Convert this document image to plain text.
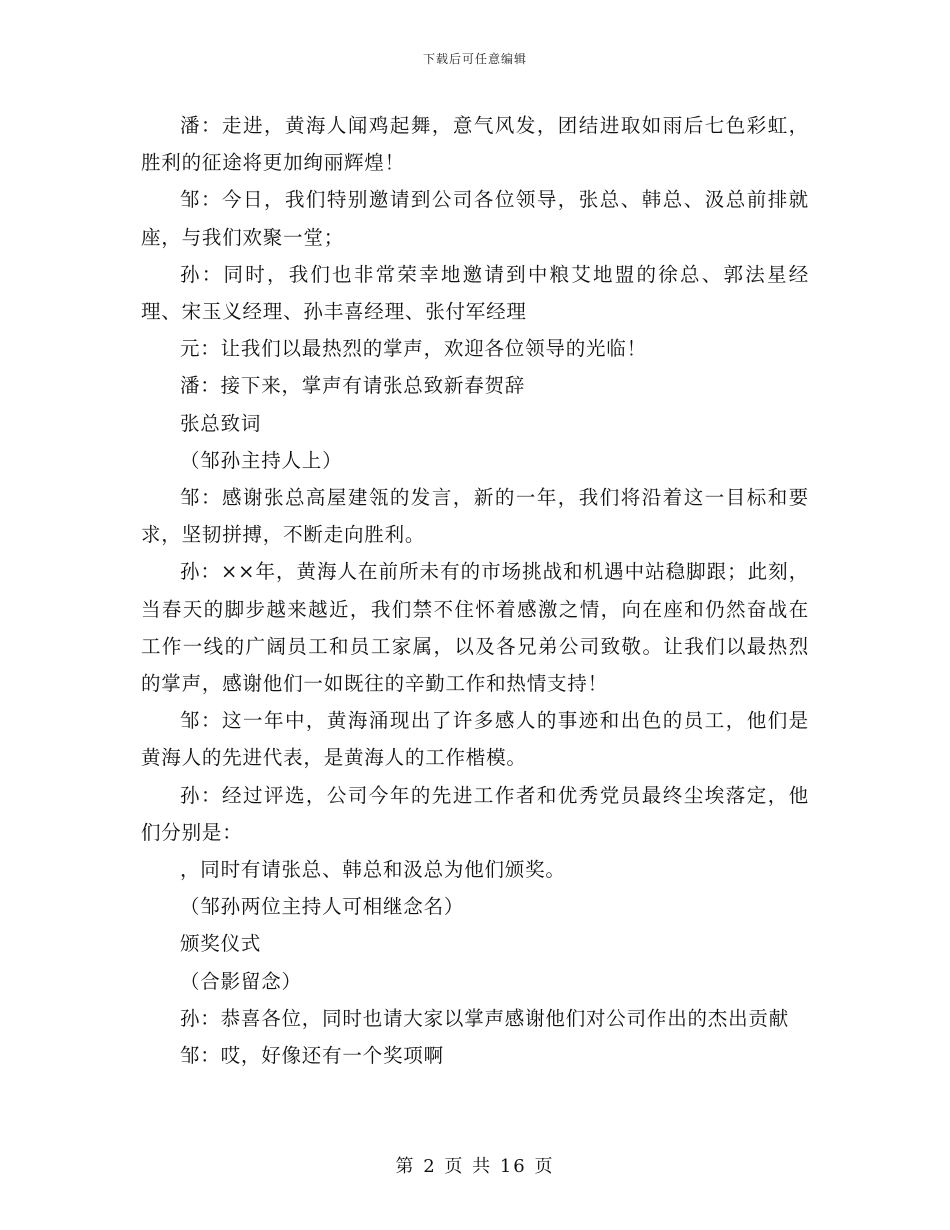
下载后可任意编辑

潘：走进，黄海人闻鸡起舞，意气风发，团结进取如雨后七色彩虹，胜利的征途将更加绚丽辉煌！

邹：今日，我们特别邀请到公司各位领导，张总、韩总、汲总前排就座，与我们欢聚一堂；

孙：同时，我们也非常荣幸地邀请到中粮艾地盟的徐总、郭法星经理、宋玉义经理、孙丰喜经理、张付军经理

元：让我们以最热烈的掌声，欢迎各位领导的光临！

潘：接下来，掌声有请张总致新春贺辞

张总致词

（邹孙主持人上）

邹：感谢张总高屋建瓴的发言，新的一年，我们将沿着这一目标和要求，坚韧拼搏，不断走向胜利。

孙：××年，黄海人在前所未有的市场挑战和机遇中站稳脚跟；此刻，当春天的脚步越来越近，我们禁不住怀着感激之情，向在座和仍然奋战在工作一线的广阔员工和员工家属，以及各兄弟公司致敬。让我们以最热烈的掌声，感谢他们一如既往的辛勤工作和热情支持！

邹：这一年中，黄海涌现出了许多感人的事迹和出色的员工，他们是黄海人的先进代表，是黄海人的工作楷模。

孙：经过评选，公司今年的先进工作者和优秀党员最终尘埃落定，他们分别是：

，同时有请张总、韩总和汲总为他们颁奖。

（邹孙两位主持人可相继念名）

颁奖仪式

（合影留念）

孙：恭喜各位，同时也请大家以掌声感谢他们对公司作出的杰出贡献

邹：哎，好像还有一个奖项啊

第 2 页 共 16 页
